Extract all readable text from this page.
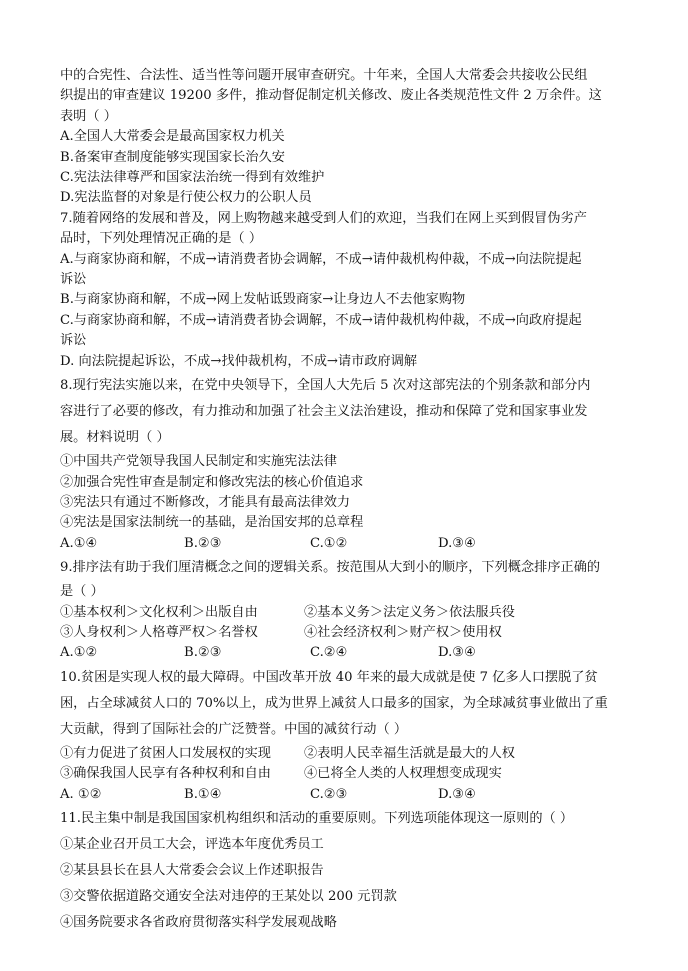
中的合宪性、合法性、适当性等问题开展审查研究。十年来，全国人大常委会共接收公民组
织提出的审查建议 19200 多件，推动督促制定机关修改、废止各类规范性文件 2 万余件。这
表明（ ）
A.全国人大常委会是最高国家权力机关
B.备案审查制度能够实现国家长治久安
C.宪法法律尊严和国家法治统一得到有效维护
D.宪法监督的对象是行使公权力的公职人员
7.随着网络的发展和普及，网上购物越来越受到人们的欢迎，当我们在网上买到假冒伪劣产
品时，下列处理情况正确的是（ ）
A.与商家协商和解，不成→请消费者协会调解，不成→请仲裁机构仲裁，不成→向法院提起
诉讼
B.与商家协商和解，不成→网上发帖诋毁商家→让身边人不去他家购物
C.与商家协商和解，不成→请消费者协会调解，不成→请仲裁机构仲裁，不成→向政府提起
诉讼
D. 向法院提起诉讼，不成→找仲裁机构，不成→请市政府调解
8.现行宪法实施以来，在党中央领导下，全国人大先后 5 次对这部宪法的个别条款和部分内
容进行了必要的修改，有力推动和加强了社会主义法治建设，推动和保障了党和国家事业发
展。材料说明（ ）
①中国共产党领导我国人民制定和实施宪法法律
②加强合宪性审查是制定和修改宪法的核心价值追求
③宪法只有通过不断修改，才能具有最高法律效力
④宪法是国家法制统一的基础，是治国安邦的总章程
A.①④	B.②③	C.①②	D.③④
9.排序法有助于我们厘清概念之间的逻辑关系。按范围从大到小的顺序，下列概念排序正确的
是（ ）
①基本权利＞文化权利＞出版自由	②基本义务＞法定义务＞依法服兵役
③人身权利＞人格尊严权＞名誉权	④社会经济权利＞财产权＞使用权
A.①②	B.②③	C.②④	D.③④
10.贫困是实现人权的最大障碍。中国改革开放 40 年来的最大成就是使 7 亿多人口摆脱了贫
困，占全球减贫人口的 70%以上，成为世界上减贫人口最多的国家，为全球减贫事业做出了重
大贡献，得到了国际社会的广泛赞誉。中国的减贫行动（ ）
①有力促进了贫困人口发展权的实现	②表明人民幸福生活就是最大的人权
③确保我国人民享有各种权利和自由	④已将全人类的人权理想变成现实
A. ①②	B.①④	C.②③	D.③④
11.民主集中制是我国国家机构组织和活动的重要原则。下列选项能体现这一原则的（ ）
①某企业召开员工大会，评选本年度优秀员工
②某县县长在县人大常委会会议上作述职报告
③交警依据道路交通安全法对违停的王某处以 200 元罚款
④国务院要求各省政府贯彻落实科学发展观战略
